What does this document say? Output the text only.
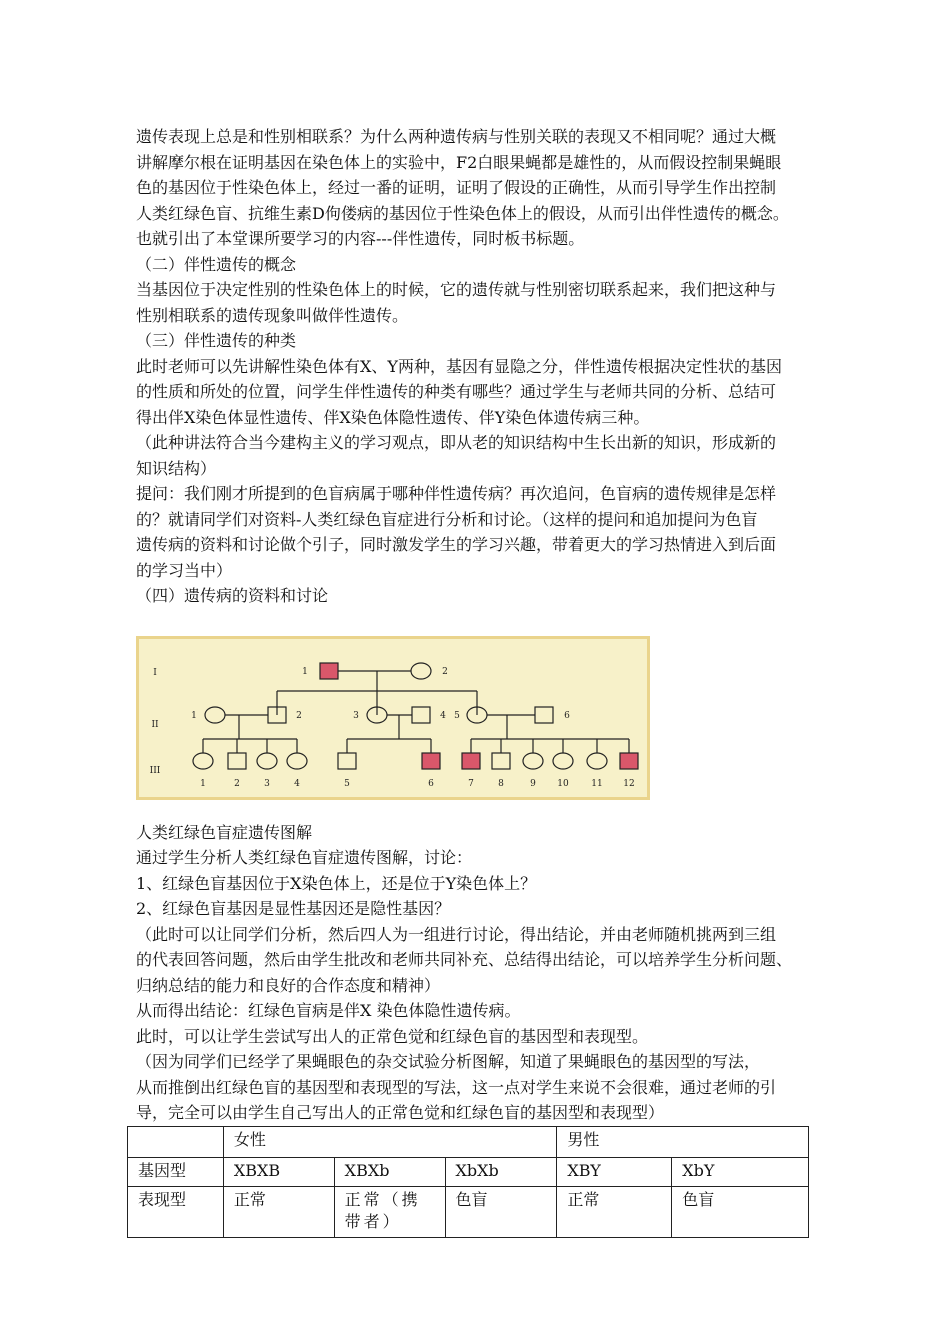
遗传表现上总是和性别相联系？为什么两种遗传病与性别关联的表现又不相同呢？通过大概

讲解摩尔根在证明基因在染色体上的实验中，F2白眼果蝇都是雄性的，从而假设控制果蝇眼

色的基因位于性染色体上，经过一番的证明，证明了假设的正确性，从而引导学生作出控制

人类红绿色盲、抗维生素D佝偻病的基因位于性染色体上的假设，从而引出伴性遗传的概念。

也就引出了本堂课所要学习的内容---伴性遗传，同时板书标题。

（二）伴性遗传的概念

当基因位于决定性别的性染色体上的时候，它的遗传就与性别密切联系起来，我们把这种与

性别相联系的遗传现象叫做伴性遗传。

（三）伴性遗传的种类

此时老师可以先讲解性染色体有X、Y两种，基因有显隐之分，伴性遗传根据决定性状的基因

的性质和所处的位置，问学生伴性遗传的种类有哪些？通过学生与老师共同的分析、总结可

得出伴X染色体显性遗传、伴X染色体隐性遗传、伴Y染色体遗传病三种。

（此种讲法符合当今建构主义的学习观点，即从老的知识结构中生长出新的知识，形成新的

知识结构）

提问：我们刚才所提到的色盲病属于哪种伴性遗传病？再次追问，色盲病的遗传规律是怎样

的？就请同学们对资料-人类红绿色盲症进行分析和讨论。（这样的提问和追加提问为色盲

遗传病的资料和讨论做个引子，同时激发学生的学习兴趣，带着更大的学习热情进入到后面

的学习当中）

（四）遗传病的资料和讨论

I
II
III
1	2
1	2	3	4 5	6
1	2	3	4	5	6	7	8	9 10	11 12

人类红绿色盲症遗传图解

通过学生分析人类红绿色盲症遗传图解，讨论：

1、红绿色盲基因位于X染色体上，还是位于Y染色体上？

2、红绿色盲基因是显性基因还是隐性基因？

（此时可以让同学们分析，然后四人为一组进行讨论，得出结论，并由老师随机挑两到三组

的代表回答问题，然后由学生批改和老师共同补充、总结得出结论，可以培养学生分析问题、

归纳总结的能力和良好的合作态度和精神）

从而得出结论：红绿色盲病是伴X 染色体隐性遗传病。

此时，可以让学生尝试写出人的正常色觉和红绿色盲的基因型和表现型。

（因为同学们已经学了果蝇眼色的杂交试验分析图解，知道了果蝇眼色的基因型的写法，

从而推倒出红绿色盲的基因型和表现型的写法，这一点对学生来说不会很难，通过老师的引

导，完全可以由学生自己写出人的正常色觉和红绿色盲的基因型和表现型）

	女性			男性	
基因型	XBXB	XBXb	XbXb	XBY	XbY
表现型	正常	正常（携带者）	色盲	正常	色盲
